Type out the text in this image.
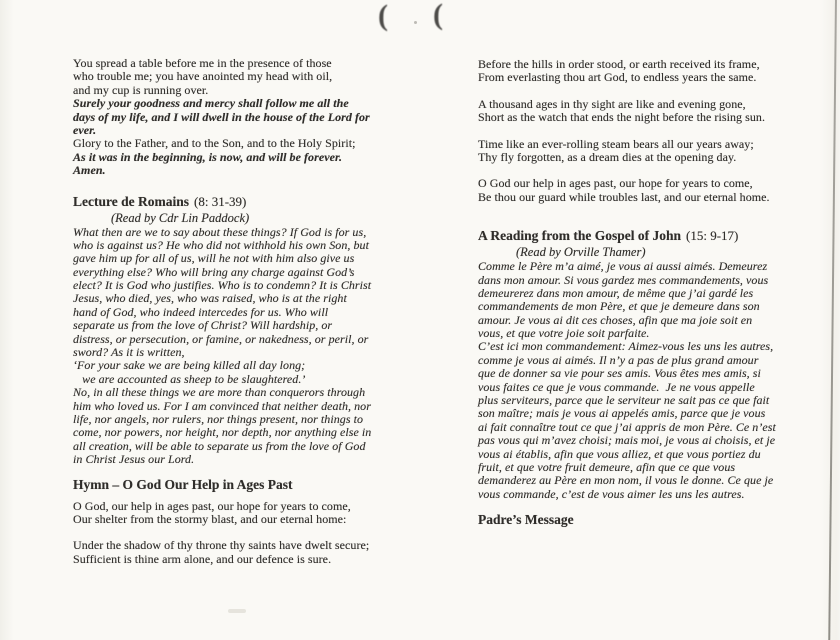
( (
You spread a table before me in the presence of those
who trouble me; you have anointed my head with oil,
and my cup is running over.
Surely your goodness and mercy shall follow me all the
days of my life, and I will dwell in the house of the Lord for
ever.
Glory to the Father, and to the Son, and to the Holy Spirit;
As it was in the beginning, is now, and will be forever.
Amen.
Lecture de Romains (8: 31-39)
(Read by Cdr Lin Paddock)
What then are we to say about these things? If God is for us,
who is against us? He who did not withhold his own Son, but
gave him up for all of us, will he not with him also give us
everything else? Who will bring any charge against God’s
elect? It is God who justifies. Who is to condemn? It is Christ
Jesus, who died, yes, who was raised, who is at the right
hand of God, who indeed intercedes for us. Who will
separate us from the love of Christ? Will hardship, or
distress, or persecution, or famine, or nakedness, or peril, or
sword? As it is written,
‘For your sake we are being killed all day long;
we are accounted as sheep to be slaughtered.’
No, in all these things we are more than conquerors through
him who loved us. For I am convinced that neither death, nor
life, nor angels, nor rulers, nor things present, nor things to
come, nor powers, nor height, nor depth, nor anything else in
all creation, will be able to separate us from the love of God
in Christ Jesus our Lord.
Hymn – O God Our Help in Ages Past
O God, our help in ages past, our hope for years to come,
Our shelter from the stormy blast, and our eternal home:
Under the shadow of thy throne thy saints have dwelt secure;
Sufficient is thine arm alone, and our defence is sure.
Before the hills in order stood, or earth received its frame,
From everlasting thou art God, to endless years the same.
A thousand ages in thy sight are like and evening gone,
Short as the watch that ends the night before the rising sun.
Time like an ever-rolling steam bears all our years away;
Thy fly forgotten, as a dream dies at the opening day.
O God our help in ages past, our hope for years to come,
Be thou our guard while troubles last, and our eternal home.
A Reading from the Gospel of John (15: 9-17)
(Read by Orville Thamer)
Comme le Père m’a aimé, je vous ai aussi aimés. Demeurez
dans mon amour. Si vous gardez mes commandements, vous
demeurerez dans mon amour, de même que j’ai gardé les
commandements de mon Père, et que je demeure dans son
amour. Je vous ai dit ces choses, afin que ma joie soit en
vous, et que votre joie soit parfaite.
C’est ici mon commandement: Aimez-vous les uns les autres,
comme je vous ai aimés. Il n’y a pas de plus grand amour
que de donner sa vie pour ses amis. Vous êtes mes amis, si
vous faites ce que je vous commande.  Je ne vous appelle
plus serviteurs, parce que le serviteur ne sait pas ce que fait
son maître; mais je vous ai appelés amis, parce que je vous
ai fait connaître tout ce que j’ai appris de mon Père. Ce n’est
pas vous qui m’avez choisi; mais moi, je vous ai choisis, et je
vous ai établis, afin que vous alliez, et que vous portiez du
fruit, et que votre fruit demeure, afin que ce que vous
demanderez au Père en mon nom, il vous le donne. Ce que je
vous commande, c’est de vous aimer les uns les autres.
Padre’s Message
